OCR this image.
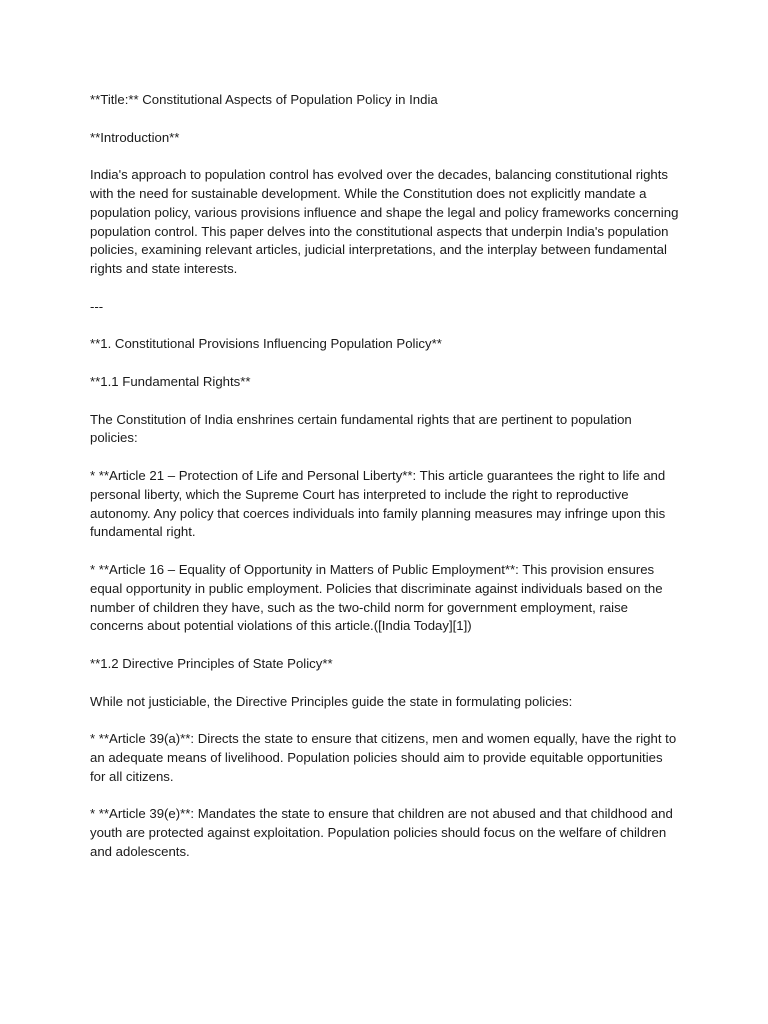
**Title:** Constitutional Aspects of Population Policy in India

**Introduction**

India's approach to population control has evolved over the decades, balancing constitutional rights with the need for sustainable development. While the Constitution does not explicitly mandate a population policy, various provisions influence and shape the legal and policy frameworks concerning population control. This paper delves into the constitutional aspects that underpin India's population policies, examining relevant articles, judicial interpretations, and the interplay between fundamental rights and state interests.

---

**1. Constitutional Provisions Influencing Population Policy**

**1.1 Fundamental Rights**

The Constitution of India enshrines certain fundamental rights that are pertinent to population policies:

* **Article 21 – Protection of Life and Personal Liberty**: This article guarantees the right to life and personal liberty, which the Supreme Court has interpreted to include the right to reproductive autonomy. Any policy that coerces individuals into family planning measures may infringe upon this fundamental right.

* **Article 16 – Equality of Opportunity in Matters of Public Employment**: This provision ensures equal opportunity in public employment. Policies that discriminate against individuals based on the number of children they have, such as the two-child norm for government employment, raise concerns about potential violations of this article.([India Today][1])

**1.2 Directive Principles of State Policy**

While not justiciable, the Directive Principles guide the state in formulating policies:

* **Article 39(a)**: Directs the state to ensure that citizens, men and women equally, have the right to an adequate means of livelihood. Population policies should aim to provide equitable opportunities for all citizens.

* **Article 39(e)**: Mandates the state to ensure that children are not abused and that childhood and youth are protected against exploitation. Population policies should focus on the welfare of children and adolescents.
